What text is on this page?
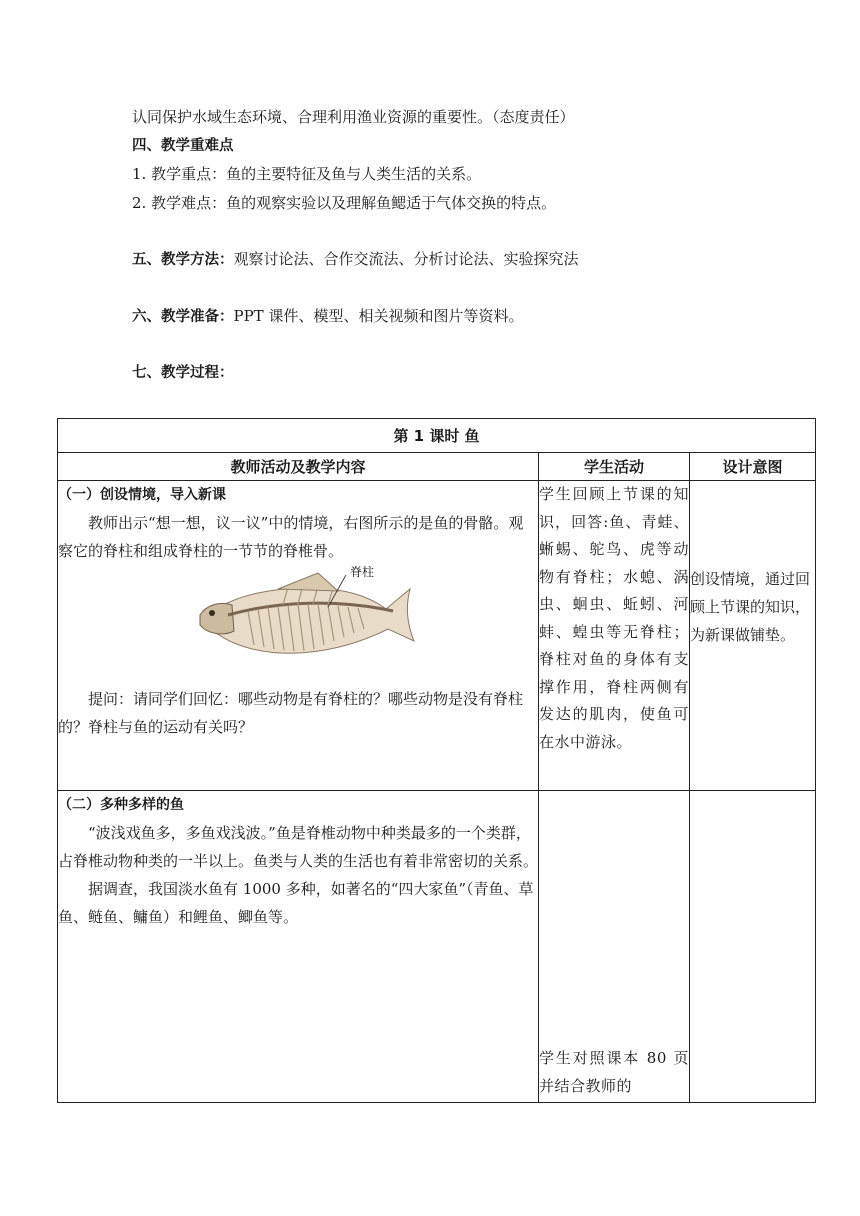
认同保护水域生态环境、合理利用渔业资源的重要性。（态度责任）
四、教学重难点
1. 教学重点：鱼的主要特征及鱼与人类生活的关系。
2. 教学难点：鱼的观察实验以及理解鱼鳃适于气体交换的特点。
五、教学方法：观察讨论法、合作交流法、分析讨论法、实验探究法
六、教学准备：PPT 课件、模型、相关视频和图片等资料。
七、教学过程：
第 1 课时 鱼		
教师活动及教学内容	学生活动	设计意图

（一）创设情境，导入新课

教师出示“想一想，议一议”中的情境，右图所示的是鱼的骨骼。观察它的脊柱和组成脊柱的一节节的脊椎骨。

脊柱

提问：请同学们回忆：哪些动物是有脊柱的？哪些动物是没有脊柱的？脊柱与鱼的运动有关吗？	学生回顾上节课的知识，回答:鱼、青蛙、蜥蜴、鸵鸟、虎等动物有脊柱；水螅、涡虫、蛔虫、蚯蚓、河蚌、蝗虫等无脊柱；脊柱对鱼的身体有支撑作用，脊柱两侧有发达的肌肉，使鱼可在水中游泳。	创设情境，通过回顾上节课的知识，为新课做铺垫。

（二）多种多样的鱼

“波浅戏鱼多，多鱼戏浅波。”鱼是脊椎动物中种类最多的一个类群，占脊椎动物种类的一半以上。鱼类与人类的生活也有着非常密切的关系。

据调查，我国淡水鱼有 1000 多种，如著名的“四大家鱼”（青鱼、草鱼、鲢鱼、鳙鱼）和鲤鱼、鲫鱼等。	学生对照课本 80 页并结合教师的	
